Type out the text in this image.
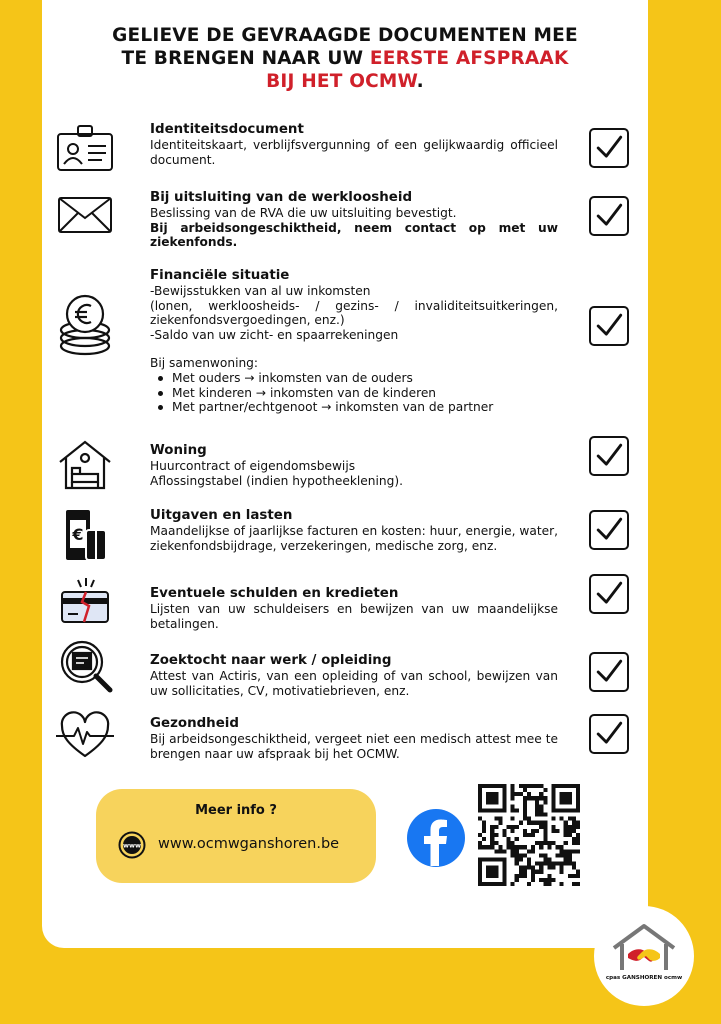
GELIEVE DE GEVRAAGDE DOCUMENTEN MEE
TE BRENGEN NAAR UW EERSTE AFSPRAAK
BIJ HET OCMW.
Identiteitsdocument

Identiteitskaart, verblijfsvergunning of een gelijkwaardig officieel document.

Bij uitsluiting van de werkloosheid

Beslissing van de RVA die uw uitsluiting bevestigt.

Bij arbeidsongeschiktheid, neem contact op met uw ziekenfonds.

Financiële situatie

-Bewijsstukken van al uw inkomsten

(lonen, werkloosheids- / gezins- / invaliditeitsuitkeringen, ziekenfondsvergoedingen, enz.)

-Saldo van uw zicht- en spaarrekeningen

Bij samenwoning:

Met ouders → inkomsten van de ouders
Met kinderen → inkomsten van de kinderen
Met partner/echtgenoot → inkomsten van de partner
Woning

Huurcontract of eigendomsbewijs

Aflossingstabel (indien hypotheeklening).

€
Uitgaven en lasten

Maandelijkse of jaarlijkse facturen en kosten: huur, energie, water, ziekenfondsbijdrage, verzekeringen, medische zorg, enz.

Eventuele schulden en kredieten

Lijsten van uw schuldeisers en bewijzen van uw maandelijkse betalingen.

Zoektocht naar werk / opleiding

Attest van Actiris, van een opleiding of van school, bewijzen van uw sollicitaties, CV, motivatiebrieven, enz.

Gezondheid

Bij arbeidsongeschiktheid, vergeet niet een medisch attest mee te brengen naar uw afspraak bij het OCMW.

Meer info ?
www www.ocmwganshoren.be
cpas GANSHOREN ocmw
